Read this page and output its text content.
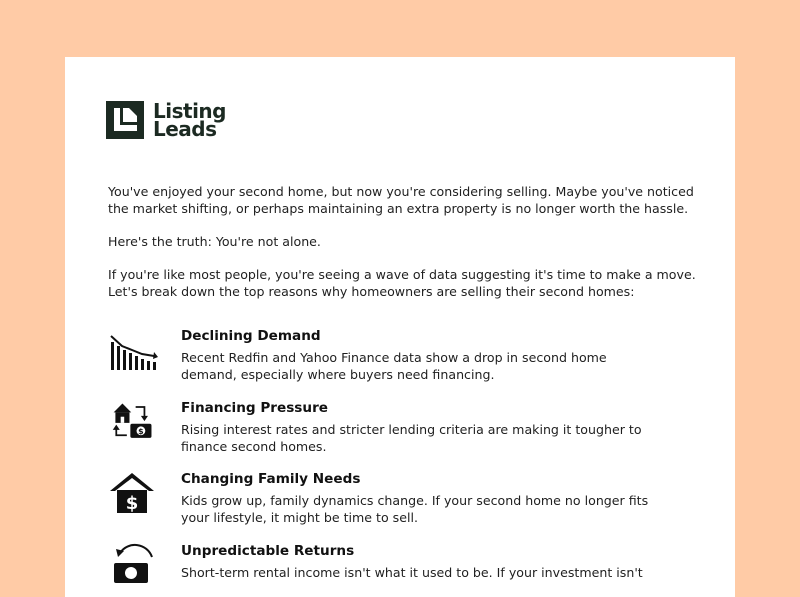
Listing
Leads

You've enjoyed your second home, but now you're considering selling. Maybe you've noticed the market shifting, or perhaps maintaining an extra property is no longer worth the hassle.

Here's the truth: You're not alone.

If you're like most people, you're seeing a wave of data suggesting it's time to make a move. Let's break down the top reasons why homeowners are selling their second homes:

Declining Demand

Recent Redfin and Yahoo Finance data show a drop in second home demand, especially where buyers need financing.

$
Financing Pressure

Rising interest rates and stricter lending criteria are making it tougher to finance second homes.

$
Changing Family Needs

Kids grow up, family dynamics change. If your second home no longer fits your lifestyle, it might be time to sell.

Unpredictable Returns

Short-term rental income isn't what it used to be. If your investment isn't
